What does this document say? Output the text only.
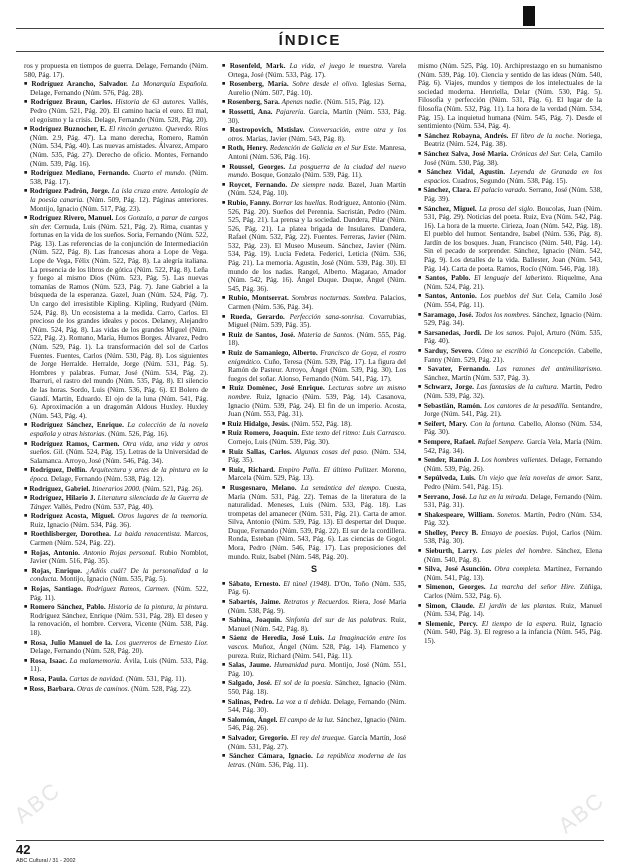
ÍNDICE

ros y propuesta en tiempos de guerra. Delage, Fernando (Núm. 580, Pág. 17).

■ Rodríguez Arancho, Salvador. La Monarquía Española. Delage, Fernando (Núm. 576, Pág. 28).

■ Rodríguez Braun, Carlos. Historia de 63 autores. Vallés, Pedro (Núm. 521, Pág. 20). El camino hacia el euro. El mal, el egoísmo y la crisis. Delage, Fernando (Núm. 528, Pág. 20).

■ Rodríguez Buznocher, E. El rincón geruzno. Quevedo. Ríos (Núm. 2.9, Pág. 47). La mano derecha, Romero, Ramón (Núm. 534, Pág. 40). Las nuevas amistades. Álvarez, Amparo (Núm. 535, Pág. 27). Derecho de oficio. Montes, Fernando (Núm. 539, Pág. 16).

■ Rodríguez Mediano, Fernando. Cuarto el mundo. (Núm. 538, Pág. 17).

■ Rodríguez Padrón, Jorge. La isla cruza entre. Antología de la poesía canaria. (Núm. 509, Pág. 12). Páginas anteriores. Montijo, Ignacio (Núm. 517, Pág. 23).

■ Rodríguez Rivero, Manuel. Los Gonzalo, a parar de cargos sin der. Cernuda, Luis (Núm. 521, Pág. 2). Rima, cuantas y fortunas en la vida de los sueños. Soria, Fernando (Núm. 522, Pág. 13). Las referencias de la conjunción de Intermediación (Núm. 522, Pág. 8). Las francesas ahora a Lope de Vega. Lope de Vega, Félix (Núm. 522, Pág. 8). La alegría italiana. La presencia de los libros de gótica (Núm. 522, Pág. 8). Leña y fuego al mismo Dios (Núm. 523, Pág. 5). Las nuevas tomanías de Ramos (Núm. 523, Pág. 7). Jane Gabriel a la búsqueda de la esperanza. Gazel, Juan (Núm. 524, Pág. 7). Un cargo del irresistible Kipling. Kipling, Rudyard (Núm. 524, Pág. 8). Un ecosistema a la medida. Carro, Carlos. El precioso de los grandes ideales y pocos. Delaney, Alejandro (Núm. 524, Pág. 8). Las vidas de los grandes Miguel (Núm. 522, Pág. 2). Romano, María, Humos Borges. Álvarez, Pedro (Núm. 529, Pág. 1). La transformación del sol de Carlos Fuentes. Fuentes, Carlos (Núm. 530, Pág. 8). Los siguientes de Jorge Herralde. Herralde, Jorge (Núm. 531, Pág. 5). Hombres y palabras. Fumar, José (Núm. 534, Pág. 2). Ibarruri, el rastro del mundo (Núm. 535, Pág. 8). El silencio de las horas. Sordo, Luis (Núm. 536, Pág. 6). El Bolero de Gaudí. Martín, Eduardo. El ojo de la luna (Núm. 541, Pág. 6). Aproximación a un dragomán Aldous Huxley. Huxley (Núm. 543, Pág. 4).

■ Rodríguez Sánchez, Enrique. La colección de la novela española y otras historias. (Núm. 526, Pág. 16).

■ Rodríguez Ramos, Carmen. Otra vida, una vida y otros sueños. Gil. (Núm. 524, Pág. 15). Letras de la Universidad de Salamanca. Arroyo, José (Núm. 546, Pág. 34).

■ Rodríguez, Delfín. Arquitectura y artes de la pintura en la época. Delage, Fernando (Núm. 538, Pág. 12).

■ Rodríguez, Gabriel. Itinerarios 2000. (Núm. 521, Pág. 26).

■ Rodríguez, Hilario J. Literatura silenciada de la Guerra de Tánger. Vallés, Pedro (Núm. 537, Pág. 40).

■ Rodríguez Acosta, Miguel. Otros lugares de la memoria. Ruiz, Ignacio (Núm. 534, Pág. 36).

■ Roethlisberger, Dorothea. La baida renacentista. Marcos, Carmen (Núm. 524, Pág. 22).

■ Rojas, Antonio. Antonio Rojas personal. Rubio Nomblot, Javier (Núm. 516, Pág. 35).

■ Rojas, Enrique. ¿Adiós cuál? De la personalidad a la conducta. Montijo, Ignacio (Núm. 535, Pág. 5).

■ Rojas, Santiago. Rodríguez Ramos, Carmen. (Núm. 522, Pág. 11).

■ Romero Sánchez, Pablo. Historia de la pintura, la pintura. Rodríguez Sánchez, Enrique (Núm. 531, Pág. 28). El deseo y la renovación, el hombre. Cervera, Vicente (Núm. 538, Pág. 18).

■ Rosa, Julio Manuel de la. Los guerreros de Ernesto Lior. Delage, Fernando (Núm. 528, Pág. 20).

■ Rosa, Isaac. La malamemoria. Ávila, Luis (Núm. 533, Pág. 11).

■ Rosa, Paula. Cartas de navidad. (Núm. 531, Pág. 11).

■ Ross, Barbara. Otras de caminos. (Núm. 528, Pág. 22).

■ Rosenfeld, Mark. La vida, el juego le muestra. Varela Ortega, José (Núm. 533, Pág. 17).

■ Rosenberg, María. Sobre desde el olivo. Iglesias Serna, Aurelio (Núm. 507, Pág. 10).

■ Rosenberg, Sara. Apenas nadie. (Núm. 515, Pág. 12).

■ Rossetti, Ana. Pajarería. García, Martín (Núm. 533, Pág. 30).

■ Rostropovich, Mstislav. Conversación, entre otra y los otros. Marías, Javier (Núm. 543, Pág. 8).

■ Roth, Henry. Redención de Galicia en el Sur Este. Manresa, Antoni (Núm. 536, Pág. 16).

■ Roussel, Georges. La posguerra de la ciudad del nuevo mundo. Bosque, Gonzalo (Núm. 539, Pág. 11).

■ Roycet, Fernando. De siempre nada. Bazel, Juan Martín (Núm. 524, Pág. 10).

■ Rubio, Fanny. Borrar las huellas. Rodríguez, Antonio (Núm. 526, Pág. 20). Sueños del Perennia. Sacristán, Pedro (Núm. 525, Pág. 21). La prensa y la sociedad. Dandera, Pilar (Núm. 526, Pág. 21). La platea brigada de Insulares. Dandera, Rafael (Núm. 532, Pág. 22). Fuentes. Ferreras, Javier (Núm. 532, Pág. 23). El Museo Museum. Sánchez, Javier (Núm. 534, Pág. 19). Lucía Fedeta. Federici, Leticia (Núm. 536, Pág. 21). La memoria. Agustín, José (Núm. 539, Pág. 30). El mundo de los nadas. Rangel, Alberto. Magarao, Amador (Núm. 542, Pág. 16). Ángel Duque. Duque, Ángel (Núm. 545, Pág. 36).

■ Rubio, Montserrat. Sombras nocturnas. Sombra. Palacios, Carmen (Núm. 536, Pág. 34).

■ Rueda, Gerardo. Perfección sana-sonrisa. Covarrubias, Miguel (Núm. 539, Pág. 35).

■ Ruiz de Santos, José. Materia de Santos. (Núm. 555, Pág. 18).

■ Ruiz de Samaniego, Alberto. Francisco de Goya, el rostro enigmático. Cuño, Teresa (Núm. 539, Pág. 17). La figura del Ramón de Pasteur. Arroyo, Ángel (Núm. 539, Pág. 30). Los fuegos del soñar. Alonso, Fernando (Núm. 541, Pág. 17).

■ Ruiz Domènec, José Enrique. Lecturas sobre un mismo nombre. Ruiz, Ignacio (Núm. 539, Pág. 14). Casanova, Ignacio (Núm. 539, Pág. 24). El fin de un imperio. Acosta, Juan (Núm. 553, Pág. 31).

■ Ruiz Hidalgo, Jesús. (Núm. 552, Pág. 18).

■ Ruiz Romero, Joaquín. Este texto del ritmo: Luis Carrasco. Cornejo, Luis (Núm. 539, Pág. 30).

■ Ruiz Sallas, Carlos. Algunas cosas del paso. (Núm. 534, Pág. 35).

■ Ruiz, Richard. Empiro Palla. El último Pulitzer. Moreno, Marcela (Núm. 529, Pág. 13).

■ Rusgesnaro, Melano. La semántica del tiempo. Cuesta, María (Núm. 531, Pág. 22). Temas de la literatura de la naturalidad. Meneses, Luis (Núm. 533, Pág. 18). Las trompetas del amanecer (Núm. 531, Pág. 21). Carta de amor. Silva, Antonio (Núm. 539, Pág. 13). El despertar del Duque. Duque, Fernando (Núm. 539, Pág. 22). El sur de la cordillera. Ronda, Esteban (Núm. 543, Pág. 6). Las ciencias de Gogol. Mora, Pedro (Núm. 546, Pág. 17). Las preposiciones del mundo. Ruiz, Isabel (Núm. 548, Pág. 20).

S

■ Sábato, Ernesto. El túnel (1948). D'On, Toño (Núm. 535, Pág. 6).

■ Sabartés, Jaime. Retratos y Recuerdos. Riera, José Maria (Núm. 538, Pág. 9).

■ Sabina, Joaquín. Sinfonía del sur de las palabras. Ruiz, Manuel (Núm. 542, Pág. 8).

■ Sáenz de Heredia, José Luis. La Imaginación entre los vascos. Muñoz, Ángel (Núm. 528, Pág. 14). Flamenco y pureza. Ruiz, Richard (Núm. 541, Pág. 11).

■ Salas, Jaume. Humanidad pura. Montijo, José (Núm. 551, Pág. 10).

■ Salgado, José. El sol de la poesía. Sánchez, Ignacio (Núm. 550, Pág. 18).

■ Salinas, Pedro. La voz a ti debida. Delage, Fernando (Núm. 544, Pág. 30).

■ Salomón, Ángel. El campo de la luz. Sánchez, Ignacio (Núm. 546, Pág. 26).

■ Salvador, Gregorio. El rey del trueque. García Martín, José (Núm. 531, Pág. 27).

■ Sánchez Cámara, Ignacio. La república moderna de las letras. (Núm. 536, Pág. 11).

mismo (Núm. 525, Pág. 10). Archiprestazgo en su humanismo (Núm. 539, Pág. 10). Ciencia y sentido de las ideas (Núm. 540, Pág. 6). Viajes, mundos y tiempos de los intelectuales de la sociedad moderna. Henriella, Delar (Núm. 530, Pág. 5). Filosofía y perfección (Núm. 531, Pág. 6). El lugar de la filosofía (Núm. 532, Pág. 11). La hora de la verdad (Núm. 534, Pág. 15). La inquietud humana (Núm. 545, Pág. 7). Desde el sentimiento (Núm. 534, Pág. 4).

■ Sánchez Robayna, Andrés. El libro de la noche. Noriega, Beatriz (Núm. 524, Pág. 38).

■ Sánchez Salva, José María. Crónicas del Sur. Cela, Camilo José (Núm. 530, Pág. 38).

■ Sánchez Vidal, Agustín. Leyenda de Granada en los espacios. Cuadros, Segundo (Núm. 538, Pág. 15).

■ Sánchez, Clara. El palacio varado. Serrano, José (Núm. 538, Pág. 39).

■ Sánchez, Miguel. La prosa del siglo. Boucolas, Juan (Núm. 531, Pág. 29). Noticias del poeta. Ruiz, Eva (Núm. 542, Pág. 16). La hora de la muerte. Cirieza, Joan (Núm. 542, Pág. 18). El pueblo del humor. Sentandre, Isabel (Núm. 536, Pág. 8). Jardín de los bosques. Juan, Francisco (Núm. 540, Pág. 14). Sin el pecado de sorprender. Sánchez, Ignacio (Núm. 542, Pág. 9). Los detalles de la vida. Ballester, Joan (Núm. 543, Pág. 14). Carta de poeta. Ramos, Rocío (Núm. 546, Pág. 18).

■ Santos, Pablo. El lenguaje del laberinto. Riquelme, Ana (Núm. 524, Pág. 21).

■ Santos, Antonio. Los pueblos del Sur. Cela, Camilo José (Núm. 554, Pág. 11).

■ Saramago, José. Todos los nombres. Sánchez, Ignacio (Núm. 529, Pág. 34).

■ Sarsanedas, Jordi. De los sanos. Pujol, Arturo (Núm. 535, Pág. 40).

■ Sarduy, Severo. Cómo se escribió la Concepción. Cabelle, Fanny (Núm. 529, Pág. 21).

■ Savater, Fernando. Las razones del antimilitarismo. Sánchez, Martín (Núm. 537, Pág. 3).

■ Schwarz, Jorge. Las fantasías de la cultura. Martín, Pedro (Núm. 539, Pág. 32).

■ Sebastián, Ramón. Los cantores de la pesadilla. Sentandre, Jorge (Núm. 541, Pág. 21).

■ Seifert, Mary. Con la fortuna. Cabello, Alonso (Núm. 534, Pág. 30).

■ Sempere, Rafael. Rafael Sempere. García Vela, María (Núm. 542, Pág. 34).

■ Sender, Ramón J. Los hombres valientes. Delage, Fernando (Núm. 539, Pág. 26).

■ Sepúlveda, Luis. Un viejo que leía novelas de amor. Sanz, Pedro (Núm. 541, Pág. 15).

■ Serrano, José. La luz en la mirada. Delage, Fernando (Núm. 531, Pág. 31).

■ Shakespeare, William. Sonetos. Martín, Pedro (Núm. 534, Pág. 32).

■ Shelley, Percy B. Ensayo de poesías. Pujol, Carlos (Núm. 538, Pág. 30).

■ Sieburth, Larry. Las pieles del hombre. Sánchez, Elena (Núm. 540, Pág. 8).

■ Silva, José Asunción. Obra completa. Martínez, Fernando (Núm. 541, Pág. 13).

■ Simenon, Georges. La marcha del señor Hire. Zúñiga, Carlos (Núm. 532, Pág. 6).

■ Simon, Claude. El jardín de las plantas. Ruiz, Manuel (Núm. 534, Pág. 14).

■ Slemenic, Percy. El tiempo de la espera. Ruiz, Ignacio (Núm. 540, Pág. 3). El regreso a la infancia (Núm. 545, Pág. 15).

42
ABC Cultural / 31 - 2002
ABC	ABC
